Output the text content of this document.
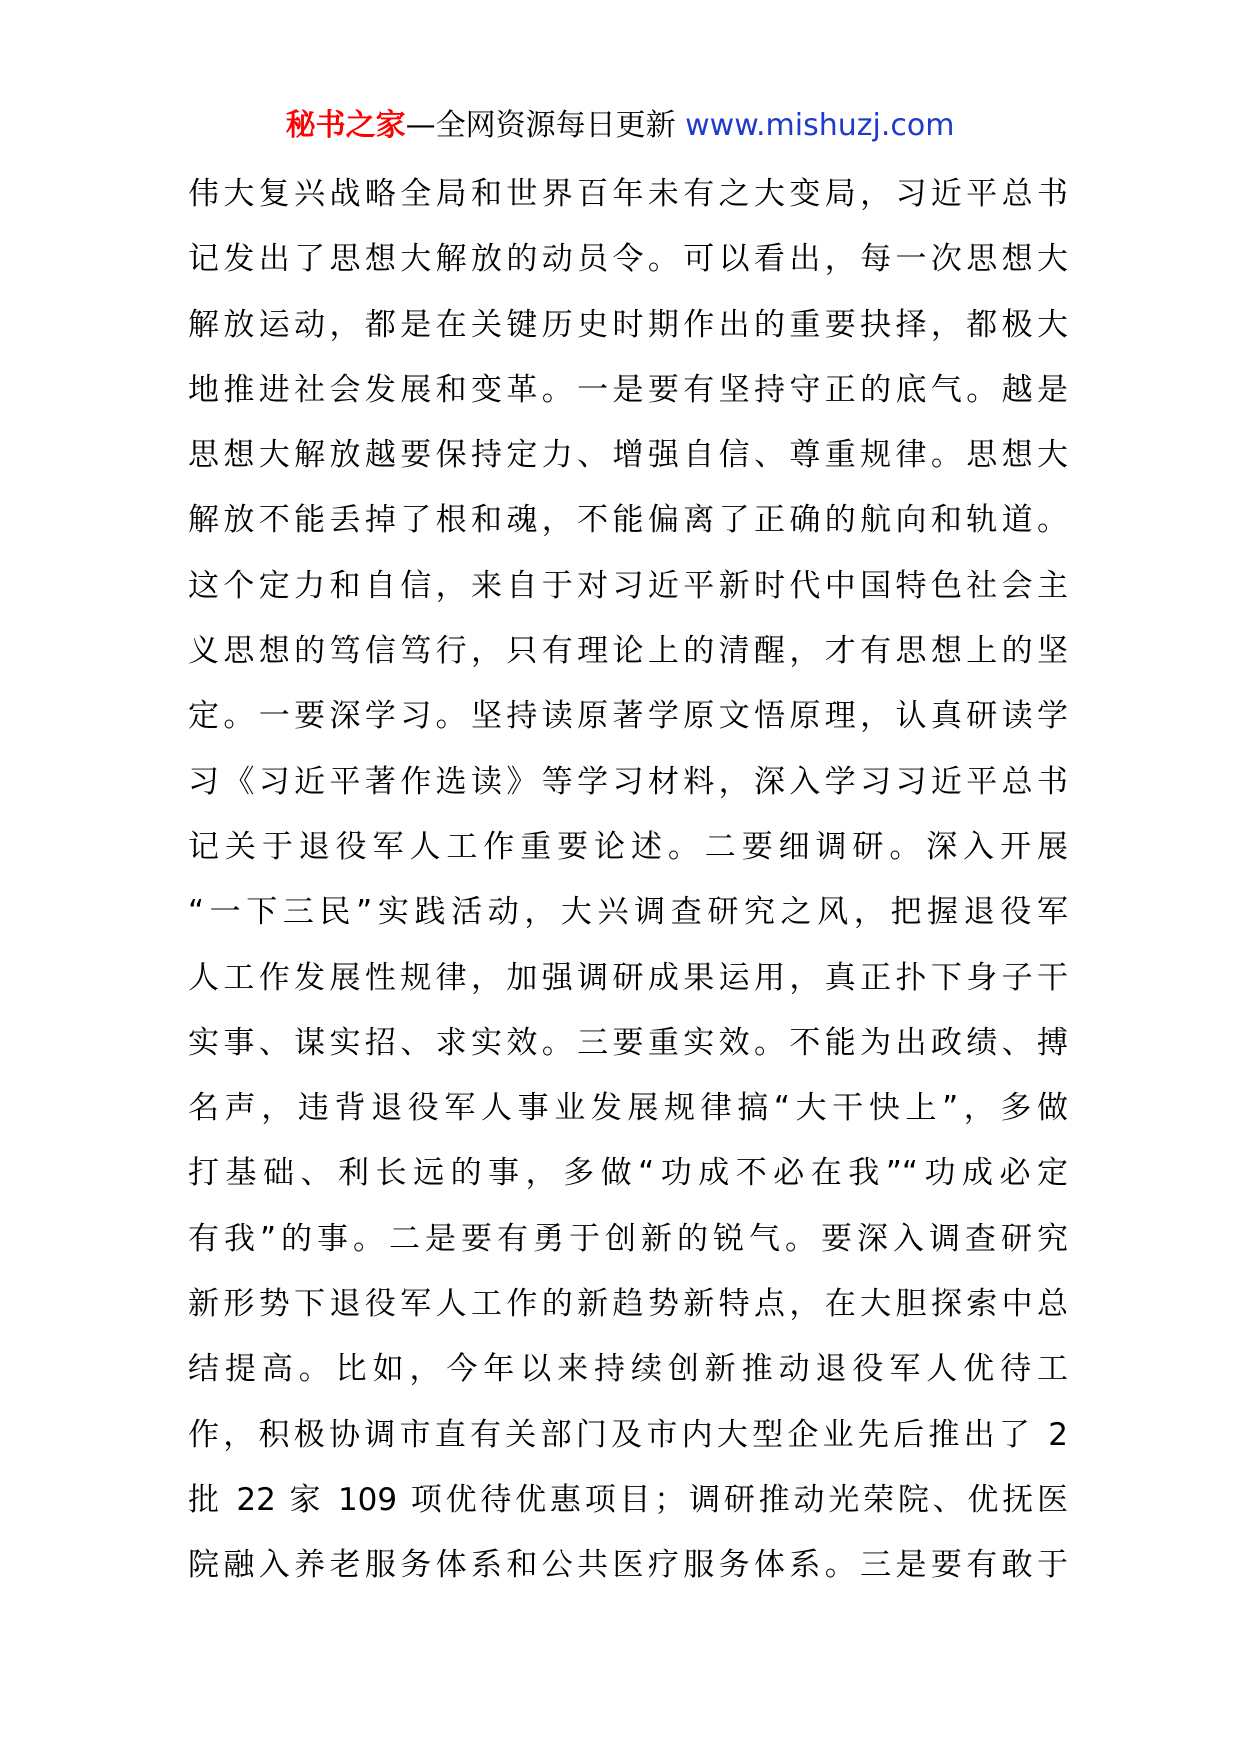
秘书之家—全网资源每日更新 www.mishuzj.com
伟大复兴战略全局和世界百年未有之大变局，习近平总书
记发出了思想大解放的动员令。可以看出，每一次思想大
解放运动，都是在关键历史时期作出的重要抉择，都极大
地推进社会发展和变革。一是要有坚持守正的底气。越是
思想大解放越要保持定力、增强自信、尊重规律。思想大
解放不能丢掉了根和魂，不能偏离了正确的航向和轨道。
这个定力和自信，来自于对习近平新时代中国特色社会主
义思想的笃信笃行，只有理论上的清醒，才有思想上的坚
定。一要深学习。坚持读原著学原文悟原理，认真研读学
习《习近平著作选读》等学习材料，深入学习习近平总书
记关于退役军人工作重要论述。二要细调研。深入开展
“一下三民”实践活动，大兴调查研究之风，把握退役军
人工作发展性规律，加强调研成果运用，真正扑下身子干
实事、谋实招、求实效。三要重实效。不能为出政绩、搏
名声，违背退役军人事业发展规律搞“大干快上”，多做
打基础、利长远的事，多做“功成不必在我”“功成必定
有我”的事。二是要有勇于创新的锐气。要深入调查研究
新形势下退役军人工作的新趋势新特点，在大胆探索中总
结提高。比如，今年以来持续创新推动退役军人优待工
作，积极协调市直有关部门及市内大型企业先后推出了 2
批 22 家 109 项优待优惠项目；调研推动光荣院、优抚医
院融入养老服务体系和公共医疗服务体系。三是要有敢于
